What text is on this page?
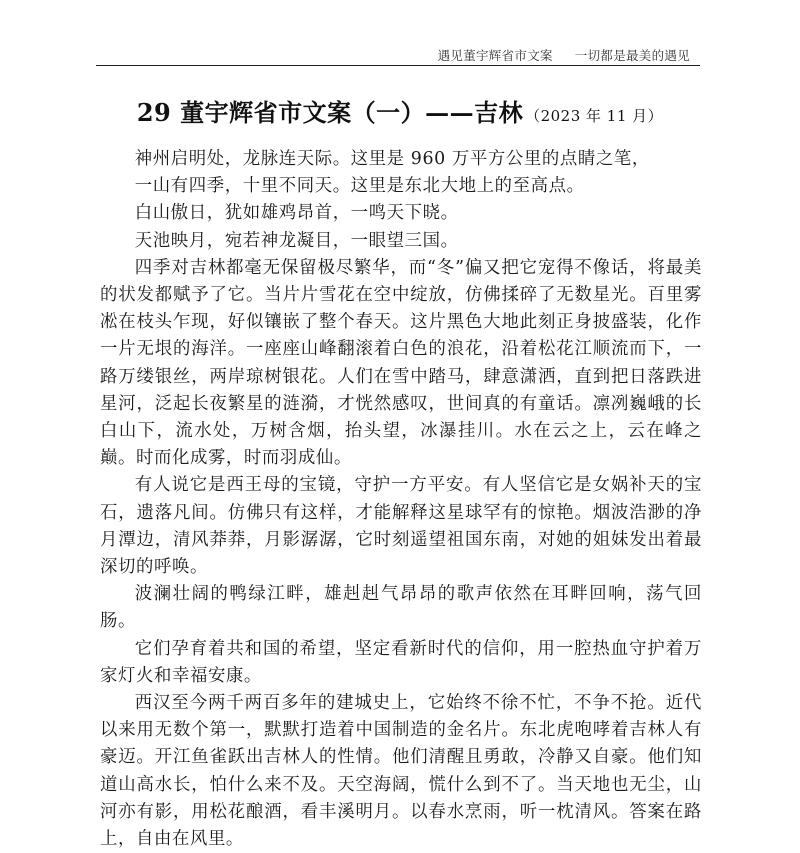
遇见董宇辉省市文案 一切都是最美的遇见
29 董宇辉省市文案（一）——吉林 （2023 年 11 月）

神州启明处，龙脉连天际。这里是 960 万平方公里的点睛之笔，

一山有四季，十里不同天。这里是东北大地上的至高点。

白山傲日，犹如雄鸡昂首，一鸣天下晓。

天池映月，宛若神龙凝目，一眼望三国。

四季对吉林都毫无保留极尽繁华，而“冬”偏又把它宠得不像话，将最美的状发都赋予了它。当片片雪花在空中绽放，仿佛揉碎了无数星光。百里雾凇在枝头乍现，好似镶嵌了整个春天。这片黑色大地此刻正身披盛装，化作一片无垠的海洋。一座座山峰翻滚着白色的浪花，沿着松花江顺流而下，一路万缕银丝，两岸琼树银花。人们在雪中踏马，肆意潇洒，直到把日落跌进星河，泛起长夜繁星的涟漪，才恍然感叹，世间真的有童话。凛冽巍峨的长白山下，流水处，万树含烟，抬头望，冰瀑挂川。水在云之上，云在峰之巅。时而化成雾，时而羽成仙。

有人说它是西王母的宝镜，守护一方平安。有人坚信它是女娲补天的宝石，遗落凡间。仿佛只有这样，才能解释这星球罕有的惊艳。烟波浩渺的净月潭边，清风莽莽，月影潺潺，它时刻遥望祖国东南，对她的姐妹发出着最深切的呼唤。

波澜壮阔的鸭绿江畔，雄赳赳气昂昂的歌声依然在耳畔回响，荡气回肠。

它们孕育着共和国的希望，坚定看新时代的信仰，用一腔热血守护着万家灯火和幸福安康。

西汉至今两千两百多年的建城史上，它始终不徐不忙，不争不抢。近代以来用无数个第一，默默打造着中国制造的金名片。东北虎咆哮着吉林人有豪迈。开江鱼雀跃出吉林人的性情。他们清醒且勇敢，冷静又自豪。他们知道山高水长，怕什么来不及。天空海阔，慌什么到不了。当天地也无尘，山河亦有影，用松花酿酒，看丰溪明月。以春水烹雨，听一枕清风。答案在路上，自由在风里。
